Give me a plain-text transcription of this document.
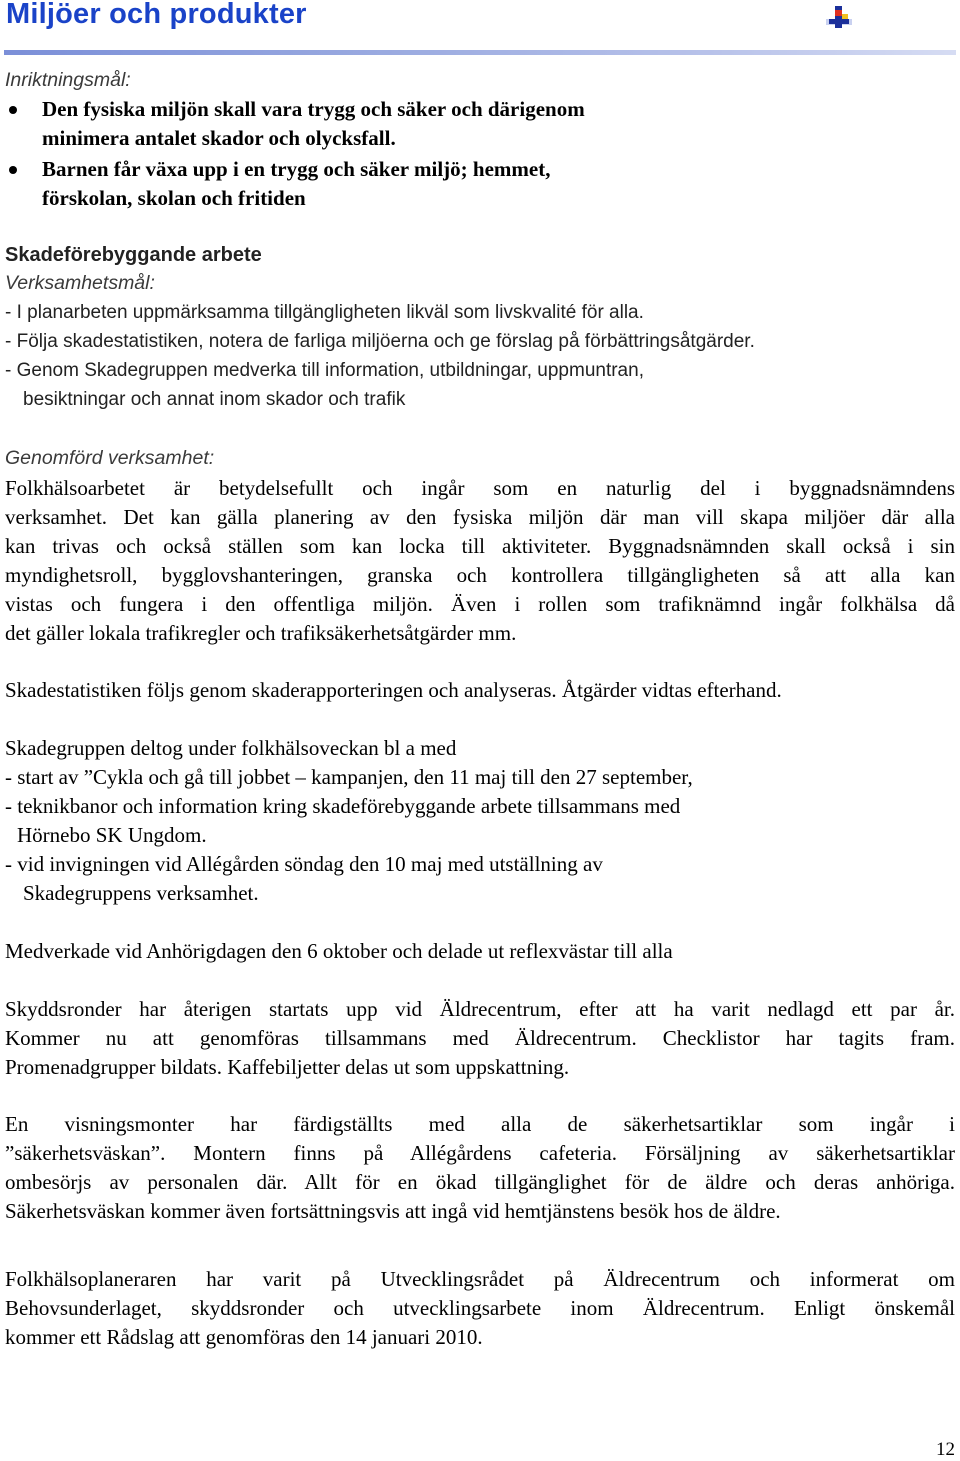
Miljöer och produkter
Inriktningsmål:
Den fysiska miljön skall vara trygg och säker och därigenom
minimera antalet skador och olycksfall.
Barnen får växa upp i en trygg och säker miljö; hemmet,
förskolan, skolan och fritiden
Skadeförebyggande arbete
Verksamhetsmål:
- I planarbeten uppmärksamma tillgängligheten likväl som livskvalité för alla.
- Följa skadestatistiken, notera de farliga miljöerna och ge förslag på förbättringsåtgärder.
- Genom Skadegruppen medverka till information, utbildningar, uppmuntran,
besiktningar och annat inom skador och trafik
Genomförd verksamhet:
Folkhälsoarbetet är betydelsefullt och ingår som en naturlig del i byggnadsnämndens
verksamhet. Det kan gälla planering av den fysiska miljön där man vill skapa miljöer där alla
kan trivas och också ställen som kan locka till aktiviteter. Byggnadsnämnden skall också i sin
myndighetsroll, bygglovshanteringen, granska och kontrollera tillgängligheten så att alla kan
vistas och fungera i den offentliga miljön. Även i rollen som trafiknämnd ingår folkhälsa då
det gäller lokala trafikregler och trafiksäkerhetsåtgärder mm.
Skadestatistiken följs genom skaderapporteringen och analyseras. Åtgärder vidtas efterhand.
Skadegruppen deltog under folkhälsoveckan bl a med
- start av ”Cykla och gå till jobbet – kampanjen, den 11 maj till den 27 september,
- teknikbanor och information kring skadeförebyggande arbete tillsammans med
Hörnebo SK Ungdom.
- vid invigningen vid Allégården söndag den 10 maj med utställning av
Skadegruppens verksamhet.
Medverkade vid Anhörigdagen den 6 oktober och delade ut reflexvästar till alla
Skyddsronder har återigen startats upp vid Äldrecentrum, efter att ha varit nedlagd ett par år.
Kommer nu att genomföras tillsammans med Äldrecentrum. Checklistor har tagits fram.
Promenadgrupper bildats. Kaffebiljetter delas ut som uppskattning.
En visningsmonter har färdigställts med alla de säkerhetsartiklar som ingår i
”säkerhetsväskan”. Montern finns på Allégårdens cafeteria. Försäljning av säkerhetsartiklar
ombesörjs av personalen där. Allt för en ökad tillgänglighet för de äldre och deras anhöriga.
Säkerhetsväskan kommer även fortsättningsvis att ingå vid hemtjänstens besök hos de äldre.
Folkhälsoplaneraren har varit på Utvecklingsrådet på Äldrecentrum och informerat om
Behovsunderlaget, skyddsronder och utvecklingsarbete inom Äldrecentrum. Enligt önskemål
kommer ett Rådslag att genomföras den 14 januari 2010.
12
